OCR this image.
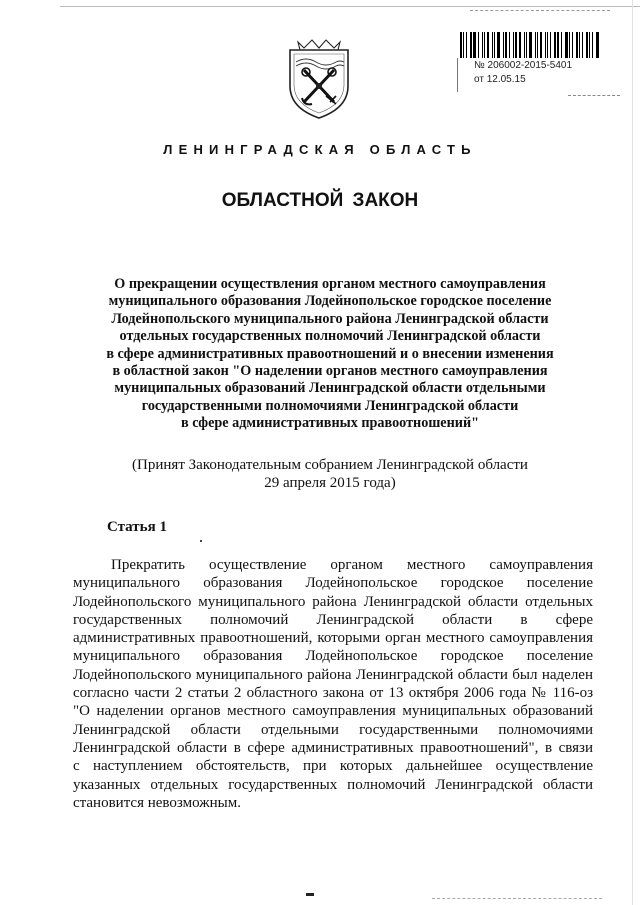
№ 206002-2015-5401
от 12.05.15
ЛЕНИНГРАДСКАЯ ОБЛАСТЬ
ОБЛАСТНОЙ ЗАКОН
О прекращении осуществления органом местного самоуправления
муниципального образования Лодейнопольское городское поселение
Лодейнопольского муниципального района Ленинградской области
отдельных государственных полномочий Ленинградской области
в сфере административных правоотношений и о внесении изменения
в областной закон "О наделении органов местного самоуправления
муниципальных образований Ленинградской области отдельными
государственными полномочиями Ленинградской области
в сфере административных правоотношений"
(Принят Законодательным собранием Ленинградской области
29 апреля 2015 года)
Статья 1
Прекратить осуществление органом местного самоуправления
муниципального образования Лодейнопольское городское поселение
Лодейнопольского муниципального района Ленинградской области отдельных
государственных полномочий Ленинградской области в сфере
административных правоотношений, которыми орган местного самоуправления
муниципального образования Лодейнопольское городское поселение
Лодейнопольского муниципального района Ленинградской области был наделен
согласно части 2 статьи 2 областного закона от 13 октября 2006 года № 116-оз
"О наделении органов местного самоуправления муниципальных образований
Ленинградской области отдельными государственными полномочиями
Ленинградской области в сфере административных правоотношений", в связи
с наступлением обстоятельств, при которых дальнейшее осуществление
указанных отдельных государственных полномочий Ленинградской области
становится невозможным.
